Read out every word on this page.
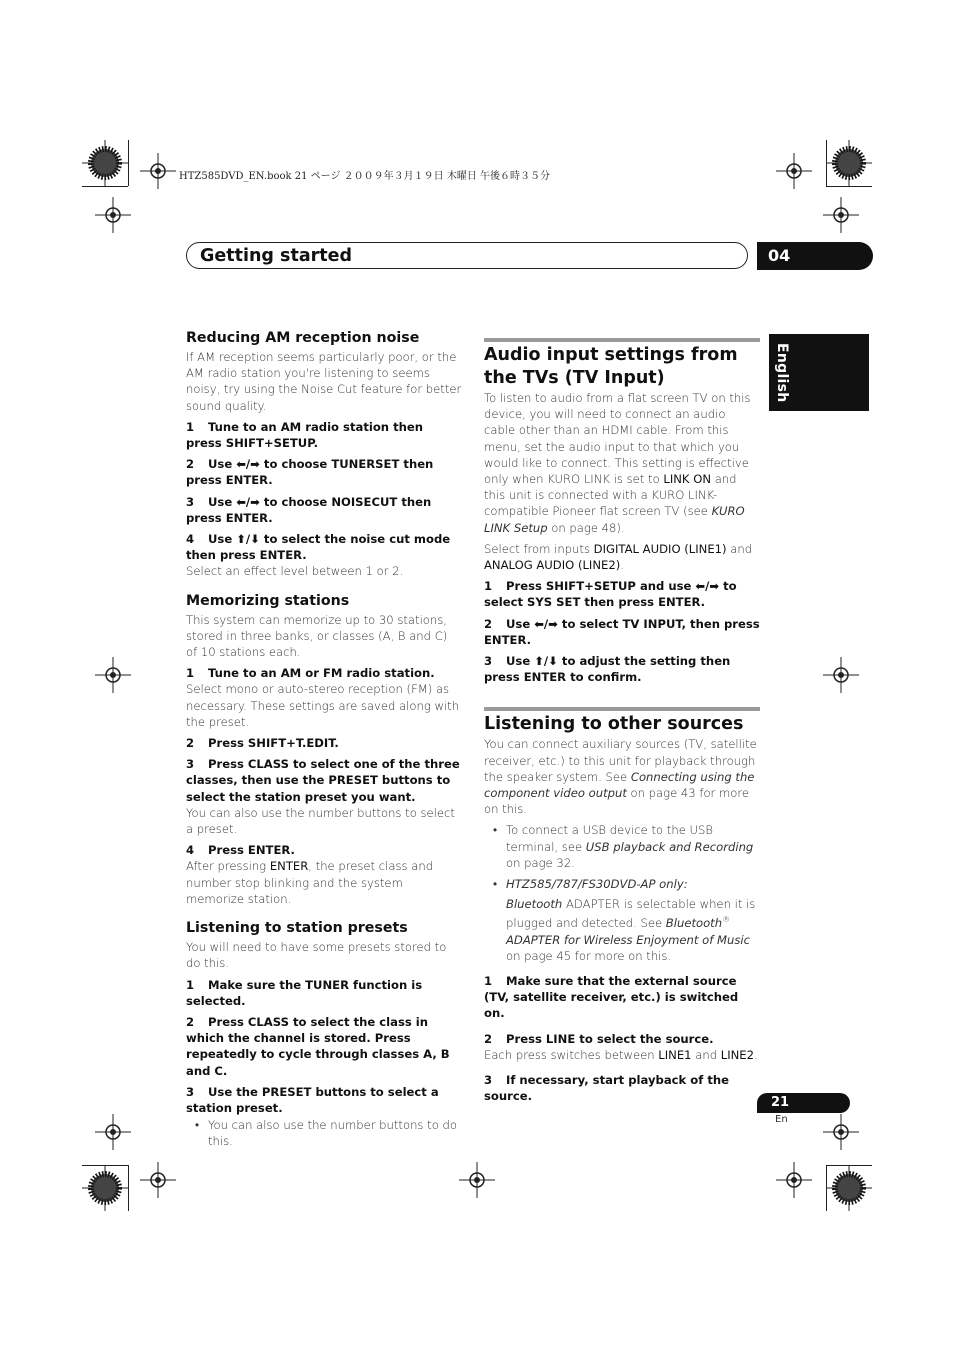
HTZ585DVD_EN.book 21 ページ ２００９年３月１９日 木曜日 午後６時３５分
Getting started	04
English
Reducing AM reception noise

If AM reception seems particularly poor, or the AM radio station you're listening to seems noisy, try using the Noise Cut feature for better sound quality.

1 Tune to an AM radio station then press SHIFT+SETUP.

2 Use ⬅/➡ to choose TUNERSET then press ENTER.

3 Use ⬅/➡ to choose NOISECUT then press ENTER.

4 Use ⬆/⬇ to select the noise cut mode then press ENTER.

Select an effect level between 1 or 2.

Memorizing stations

This system can memorize up to 30 stations, stored in three banks, or classes (A, B and C) of 10 stations each.

1 Tune to an AM or FM radio station.

Select mono or auto-stereo reception (FM) as necessary. These settings are saved along with the preset.

2 Press SHIFT+T.EDIT.

3 Press CLASS to select one of the three classes, then use the PRESET buttons to select the station preset you want.

You can also use the number buttons to select a preset.

4 Press ENTER.

After pressing ENTER, the preset class and number stop blinking and the system memorize station.

Listening to station presets

You will need to have some presets stored to do this.

1 Make sure the TUNER function is selected.

2 Press CLASS to select the class in which the channel is stored. Press repeatedly to cycle through classes A, B and C.

3 Use the PRESET buttons to select a station preset.

• You can also use the number buttons to do this.

Audio input settings from the TVs (TV Input)

To listen to audio from a flat screen TV on this device, you will need to connect an audio cable other than an HDMI cable. From this menu, set the audio input to that which you would like to connect. This setting is effective only when KURO LINK is set to LINK ON and this unit is connected with a KURO LINK-compatible Pioneer flat screen TV (see KURO LINK Setup on page 48).

Select from inputs DIGITAL AUDIO (LINE1) and ANALOG AUDIO (LINE2).

1 Press SHIFT+SETUP and use ⬅/➡ to select SYS SET then press ENTER.

2 Use ⬅/➡ to select TV INPUT, then press ENTER.

3 Use ⬆/⬇ to adjust the setting then press ENTER to confirm.

Listening to other sources

You can connect auxiliary sources (TV, satellite receiver, etc.) to this unit for playback through the speaker system. See Connecting using the component video output on page 43 for more on this.

• To connect a USB device to the USB terminal, see USB playback and Recording on page 32.

• HTZ585/787/FS30DVD-AP only:

Bluetooth ADAPTER is selectable when it is plugged and detected. See Bluetooth® ADAPTER for Wireless Enjoyment of Music on page 45 for more on this.

1 Make sure that the external source (TV, satellite receiver, etc.) is switched on.

2 Press LINE to select the source.

Each press switches between LINE1 and LINE2.

3 If necessary, start playback of the source.	21
En
